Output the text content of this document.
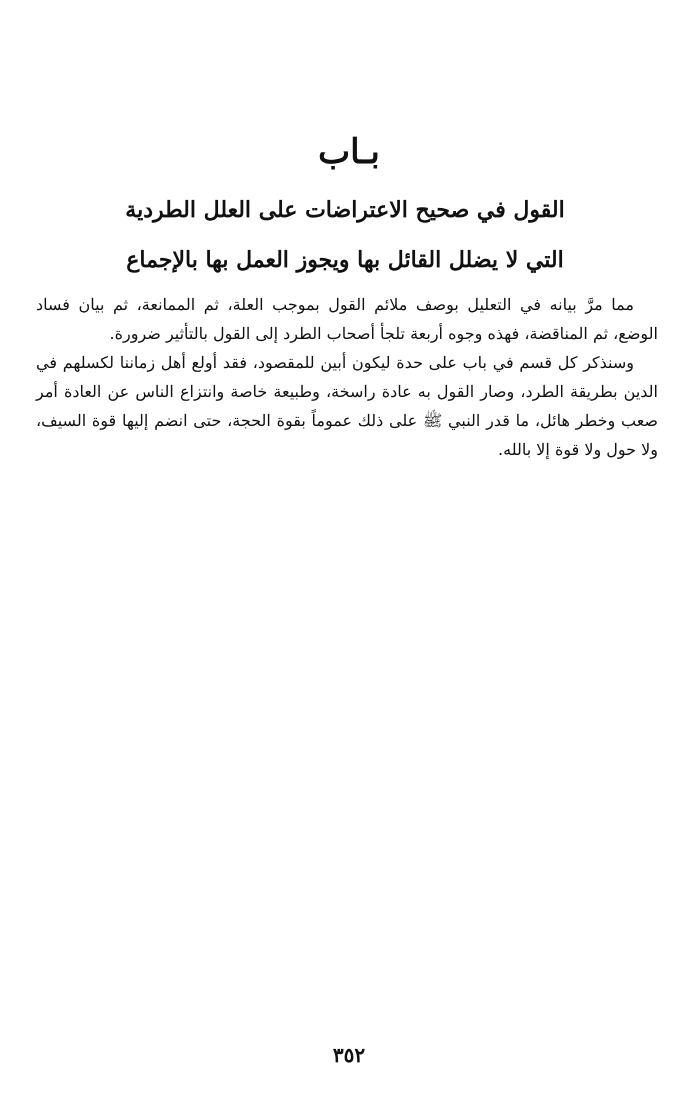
بـاب
القول في صحيح الاعتراضات على العلل الطردية
التي لا يضلل القائل بها ويجوز العمل بها بالإجماع

مما مرَّ بيانه في التعليل بوصف ملائم القول بموجب العلة، ثم الممانعة، ثم بيان فساد الوضع، ثم المناقضة، فهذه وجوه أربعة تلجأ أصحاب الطرد إلى القول بالتأثير ضرورة.

وسنذكر كل قسم في باب على حدة ليكون أبين للمقصود، فقد أولع أهل زماننا لكسلهم في الدين بطريقة الطرد، وصار القول به عادة راسخة، وطبيعة خاصة وانتزاع الناس عن العادة أمر صعب وخطر هائل، ما قدر النبي ﷺ على ذلك عموماً بقوة الحجة، حتى انضم إليها قوة السيف، ولا حول ولا قوة إلا بالله.

٣٥٢
